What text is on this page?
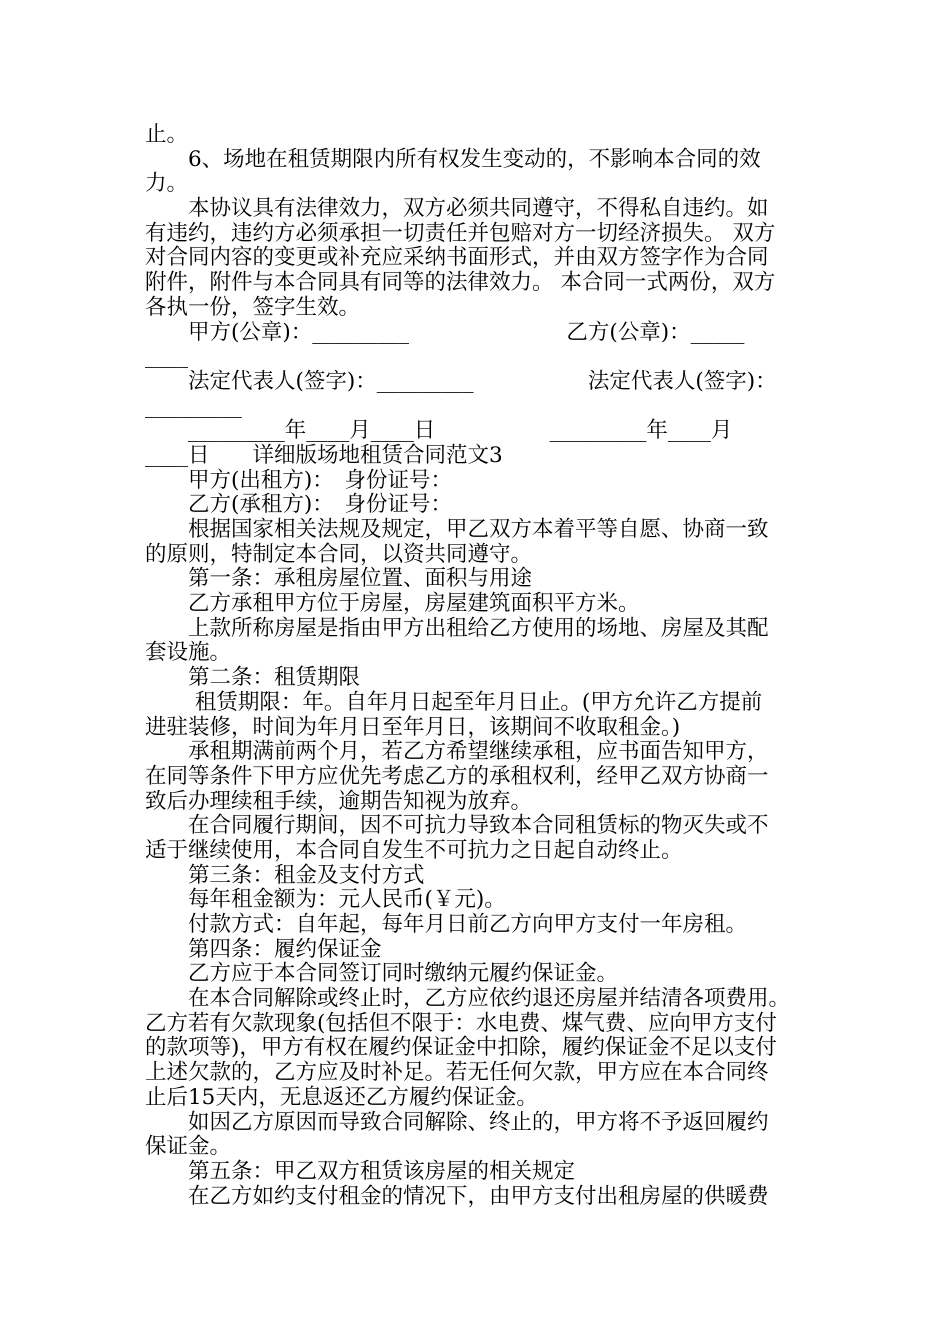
止。
　　6、场地在租赁期限内所有权发生变动的，不影响本合同的效
力。
　　本协议具有法律效力，双方必须共同遵守，不得私自违约。如
有违约，违约方必须承担一切责任并包赔对方一切经济损失。 双方
对合同内容的变更或补充应采纳书面形式，并由双方签字作为合同
附件，附件与本合同具有同等的法律效力。 本合同一式两份，双方
各执一份，签字生效。
　　甲方(公章)：_________　　　　　　　 乙方(公章)：_____
____
　　法定代表人(签字)：_________　　　　　 法定代表人(签字)：
_________
　　_________年____月____日　　　　　 _________年____月
____日　　详细版场地租赁合同范文3
　　甲方(出租方)：　身份证号：
　　乙方(承租方)：　身份证号：
　　根据国家相关法规及规定，甲乙双方本着平等自愿、协商一致
的原则，特制定本合同，以资共同遵守。
　　第一条：承租房屋位置、面积与用途
　　乙方承租甲方位于房屋，房屋建筑面积平方米。
　　上款所称房屋是指由甲方出租给乙方使用的场地、房屋及其配
套设施。
　　第二条：租赁期限
　　 租赁期限：年。自年月日起至年月日止。(甲方允许乙方提前
进驻装修，时间为年月日至年月日，该期间不收取租金。)
　　承租期满前两个月，若乙方希望继续承租，应书面告知甲方，
在同等条件下甲方应优先考虑乙方的承租权利，经甲乙双方协商一
致后办理续租手续，逾期告知视为放弃。
　　在合同履行期间，因不可抗力导致本合同租赁标的物灭失或不
适于继续使用，本合同自发生不可抗力之日起自动终止。
　　第三条：租金及支付方式
　　每年租金额为：元人民币(￥元)。
　　付款方式：自年起，每年月日前乙方向甲方支付一年房租。
　　第四条：履约保证金
　　乙方应于本合同签订同时缴纳元履约保证金。
　　在本合同解除或终止时，乙方应依约退还房屋并结清各项费用。
乙方若有欠款现象(包括但不限于：水电费、煤气费、应向甲方支付
的款项等)，甲方有权在履约保证金中扣除，履约保证金不足以支付
上述欠款的，乙方应及时补足。若无任何欠款，甲方应在本合同终
止后15天内，无息返还乙方履约保证金。
　　如因乙方原因而导致合同解除、终止的，甲方将不予返回履约
保证金。
　　第五条：甲乙双方租赁该房屋的相关规定
　　在乙方如约支付租金的情况下，由甲方支付出租房屋的供暖费
